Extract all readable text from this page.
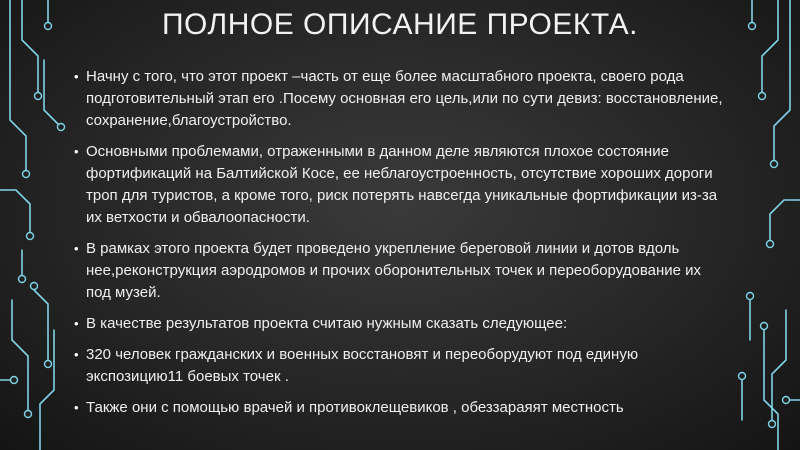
ПОЛНОЕ ОПИСАНИЕ ПРОЕКТА.
• Начну с того, что этот проект –часть от еще более масштабного проекта, своего рода подготовительный этап его .Посему основная его цель,или по сути девиз: восстановление, сохранение,благоустройство.
• Основными проблемами, отраженными в данном деле являются плохое состояние фортификаций на Балтийской Косе, ее неблагоустроенность, отсутствие хороших дороги троп для туристов, а кроме того, риск потерять навсегда уникальные фортификации из-за их ветхости и обвалоопасности.
• В рамках этого проекта будет проведено укрепление береговой линии и дотов вдоль нее,реконструкция аэродромов и прочих оборонительных точек и переоборудование их под музей.
• В качестве результатов проекта считаю нужным сказать следующее:
• 320 человек гражданских и военных восстановят и переоборудуют под единую экспозицию11 боевых точек .
• Также они с помощью врачей и противоклещевиков , обеззараяят местность
